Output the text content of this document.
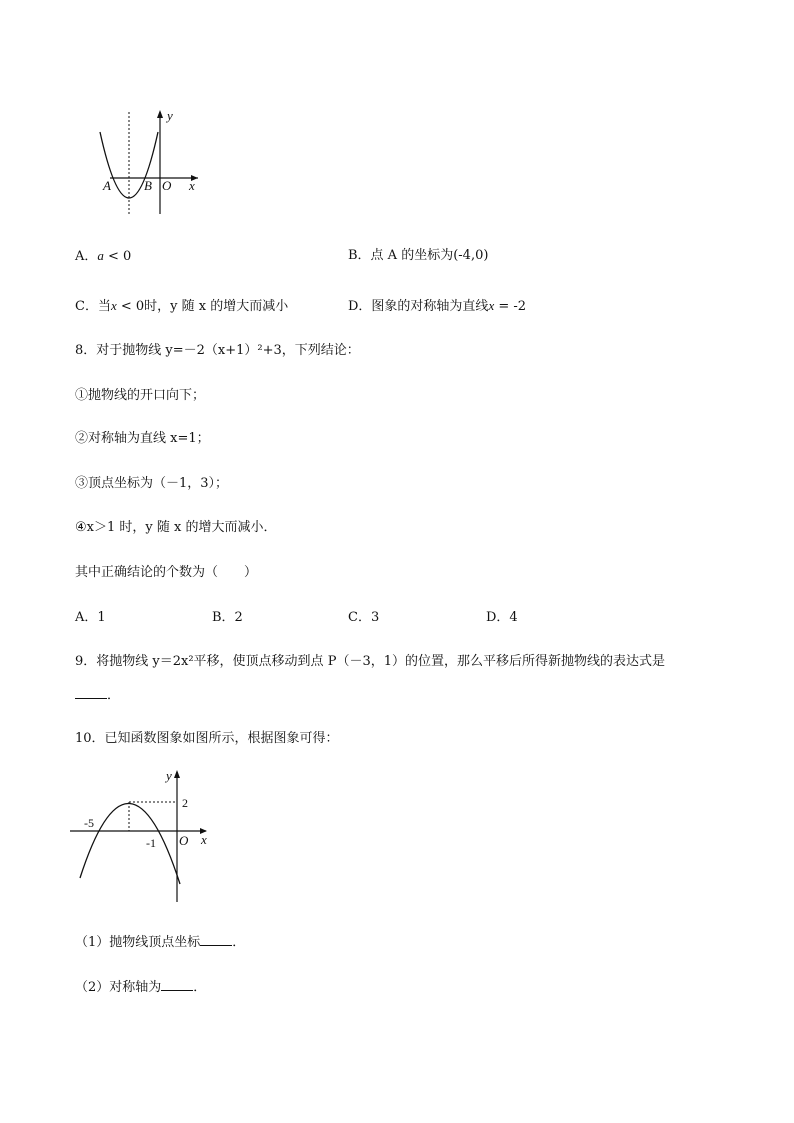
y
x
A	B O
A．a < 0	B．点 A 的坐标为(-4,0)
C．当x < 0时，y 随 x 的增大而减小	D．图象的对称轴为直线x = -2
8．对于抛物线 y=－2（x+1）²+3，下列结论：
①抛物线的开口向下；
②对称轴为直线 x=1；
③顶点坐标为（－1，3）；
④x＞1 时，y 随 x 的增大而减小．
其中正确结论的个数为（　　）
A．1	B．2	C．3	D．4
9．将抛物线 y＝2x²平移，使顶点移动到点 P（－3，1）的位置，那么平移后所得新抛物线的表达式是
．
10．已知函数图象如图所示，根据图象可得：
y
x
O
-5
-1
2
（1）抛物线顶点坐标 ．
（2）对称轴为 ．
